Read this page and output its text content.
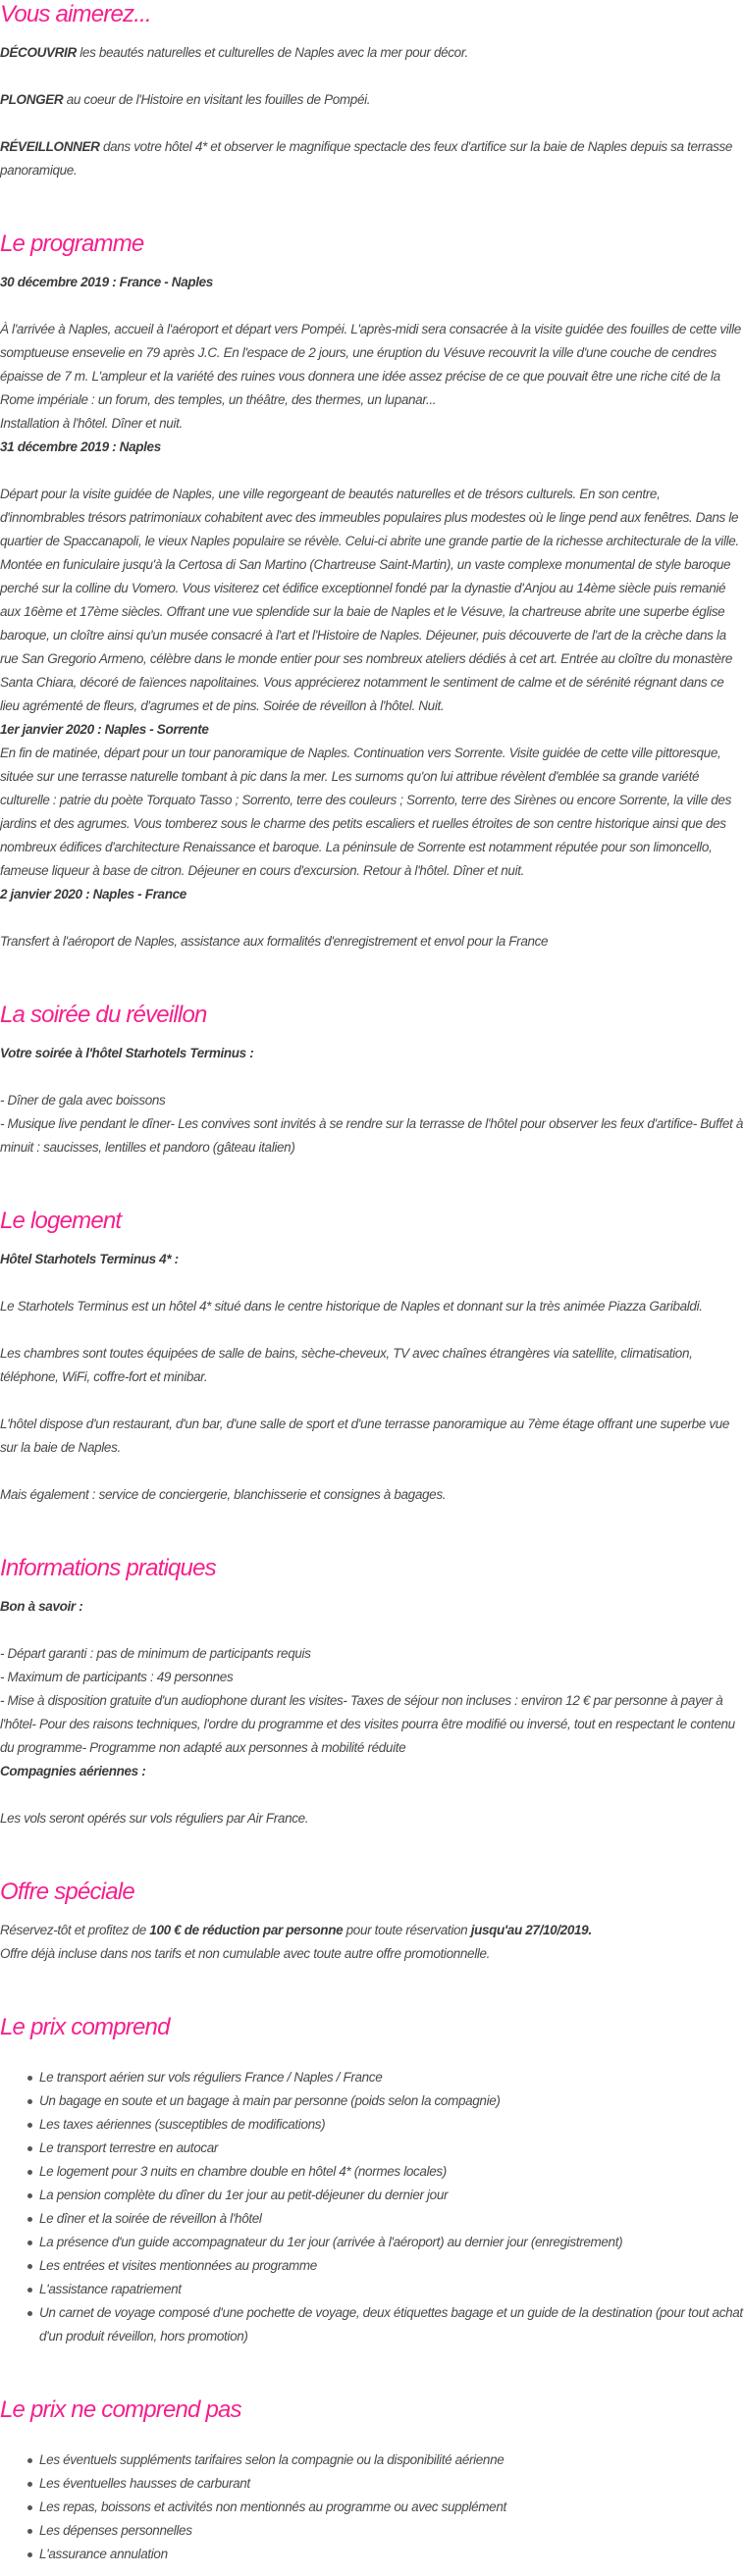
Vous aimerez...

DÉCOUVRIR les beautés naturelles et culturelles de Naples avec la mer pour décor.

PLONGER au coeur de l'Histoire en visitant les fouilles de Pompéi.

RÉVEILLONNER dans votre hôtel 4* et observer le magnifique spectacle des feux d'artifice sur la baie de Naples depuis sa terrasse panoramique.

Le programme

30 décembre 2019 : France - Naples

À l'arrivée à Naples, accueil à l'aéroport et départ vers Pompéi. L'après-midi sera consacrée à la visite guidée des fouilles de cette ville somptueuse ensevelie en 79 après J.C. En l'espace de 2 jours, une éruption du Vésuve recouvrit la ville d'une couche de cendres épaisse de 7 m. L'ampleur et la variété des ruines vous donnera une idée assez précise de ce que pouvait être une riche cité de la Rome impériale : un forum, des temples, un théâtre, des thermes, un lupanar...

Installation à l'hôtel. Dîner et nuit.

31 décembre 2019 : Naples

Départ pour la visite guidée de Naples, une ville regorgeant de beautés naturelles et de trésors culturels. En son centre, d'innombrables trésors patrimoniaux cohabitent avec des immeubles populaires plus modestes où le linge pend aux fenêtres. Dans le quartier de Spaccanapoli, le vieux Naples populaire se révèle. Celui-ci abrite une grande partie de la richesse architecturale de la ville. Montée en funiculaire jusqu'à la Certosa di San Martino (Chartreuse Saint-Martin), un vaste complexe monumental de style baroque perché sur la colline du Vomero. Vous visiterez cet édifice exceptionnel fondé par la dynastie d'Anjou au 14ème siècle puis remanié aux 16ème et 17ème siècles. Offrant une vue splendide sur la baie de Naples et le Vésuve, la chartreuse abrite une superbe église baroque, un cloître ainsi qu'un musée consacré à l'art et l'Histoire de Naples. Déjeuner, puis découverte de l'art de la crèche dans la rue San Gregorio Armeno, célèbre dans le monde entier pour ses nombreux ateliers dédiés à cet art. Entrée au cloître du monastère Santa Chiara, décoré de faïences napolitaines. Vous apprécierez notamment le sentiment de calme et de sérénité régnant dans ce lieu agrémenté de fleurs, d'agrumes et de pins. Soirée de réveillon à l'hôtel. Nuit.

1er janvier 2020 : Naples - Sorrente

En fin de matinée, départ pour un tour panoramique de Naples. Continuation vers Sorrente. Visite guidée de cette ville pittoresque, située sur une terrasse naturelle tombant à pic dans la mer. Les surnoms qu'on lui attribue révèlent d'emblée sa grande variété culturelle : patrie du poète Torquato Tasso ; Sorrento, terre des couleurs ; Sorrento, terre des Sirènes ou encore Sorrente, la ville des jardins et des agrumes. Vous tomberez sous le charme des petits escaliers et ruelles étroites de son centre historique ainsi que des nombreux édifices d'architecture Renaissance et baroque. La péninsule de Sorrente est notamment réputée pour son limoncello, fameuse liqueur à base de citron. Déjeuner en cours d'excursion. Retour à l'hôtel. Dîner et nuit.

2 janvier 2020 : Naples - France

Transfert à l'aéroport de Naples, assistance aux formalités d'enregistrement et envol pour la France

La soirée du réveillon

Votre soirée à l'hôtel Starhotels Terminus :

- Dîner de gala avec boissons

- Musique live pendant le dîner- Les convives sont invités à se rendre sur la terrasse de l'hôtel pour observer les feux d'artifice- Buffet à minuit : saucisses, lentilles et pandoro (gâteau italien)

Le logement

Hôtel Starhotels Terminus 4* :

Le Starhotels Terminus est un hôtel 4* situé dans le centre historique de Naples et donnant sur la très animée Piazza Garibaldi.

Les chambres sont toutes équipées de salle de bains, sèche-cheveux, TV avec chaînes étrangères via satellite, climatisation, téléphone, WiFi, coffre-fort et minibar.

L'hôtel dispose d'un restaurant, d'un bar, d'une salle de sport et d'une terrasse panoramique au 7ème étage offrant une superbe vue sur la baie de Naples.

Mais également : service de conciergerie, blanchisserie et consignes à bagages.

Informations pratiques

Bon à savoir :

- Départ garanti : pas de minimum de participants requis

- Maximum de participants : 49 personnes

- Mise à disposition gratuite d'un audiophone durant les visites- Taxes de séjour non incluses : environ 12 € par personne à payer à l'hôtel- Pour des raisons techniques, l'ordre du programme et des visites pourra être modifié ou inversé, tout en respectant le contenu du programme- Programme non adapté aux personnes à mobilité réduite

Compagnies aériennes :

Les vols seront opérés sur vols réguliers par Air France.

Offre spéciale

Réservez-tôt et profitez de 100 € de réduction par personne pour toute réservation jusqu'au 27/10/2019.

Offre déjà incluse dans nos tarifs et non cumulable avec toute autre offre promotionnelle.

Le prix comprend
Le transport aérien sur vols réguliers France / Naples / France
Un bagage en soute et un bagage à main par personne (poids selon la compagnie)
Les taxes aériennes (susceptibles de modifications)
Le transport terrestre en autocar
Le logement pour 3 nuits en chambre double en hôtel 4* (normes locales)
La pension complète du dîner du 1er jour au petit-déjeuner du dernier jour
Le dîner et la soirée de réveillon à l'hôtel
La présence d'un guide accompagnateur du 1er jour (arrivée à l'aéroport) au dernier jour (enregistrement)
Les entrées et visites mentionnées au programme
L'assistance rapatriement
Un carnet de voyage composé d'une pochette de voyage, deux étiquettes bagage et un guide de la destination (pour tout achat d'un produit réveillon, hors promotion)
Le prix ne comprend pas
Les éventuels suppléments tarifaires selon la compagnie ou la disponibilité aérienne
Les éventuelles hausses de carburant
Les repas, boissons et activités non mentionnés au programme ou avec supplément
Les dépenses personnelles
L'assurance annulation
